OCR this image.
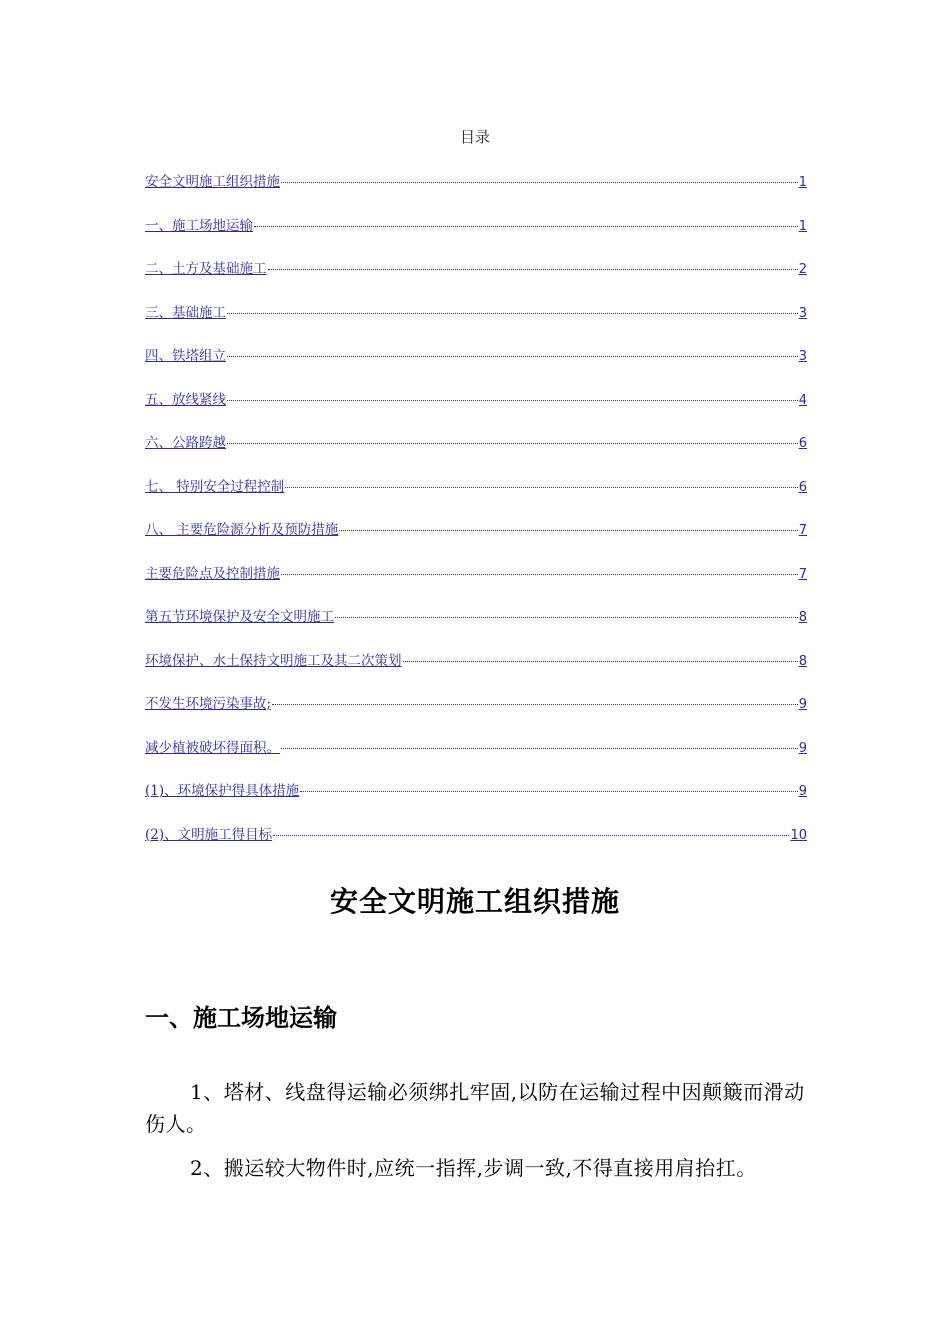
目录
安全文明施工组织措施	1
一、施工场地运输	1
二、土方及基础施工	2
三、基础施工	3
四、铁塔组立	3
五、放线紧线	4
六、公路跨越	6
七、 特别安全过程控制	6
八、 主要危险源分析及预防措施	7
主要危险点及控制措施	7
第五节环境保护及安全文明施工	8
环境保护、水土保持文明施工及其二次策划	8
不发生环境污染事故;	9
减少植被破坏得面积。	9
(1)、环境保护得具体措施	9
(2)、文明施工得目标	10
安全文明施工组织措施
一、施工场地运输
1、塔材、线盘得运输必须绑扎牢固,以防在运输过程中因颠簸而滑动伤人。
2、搬运较大物件时,应统一指挥,步调一致,不得直接用肩抬扛。
